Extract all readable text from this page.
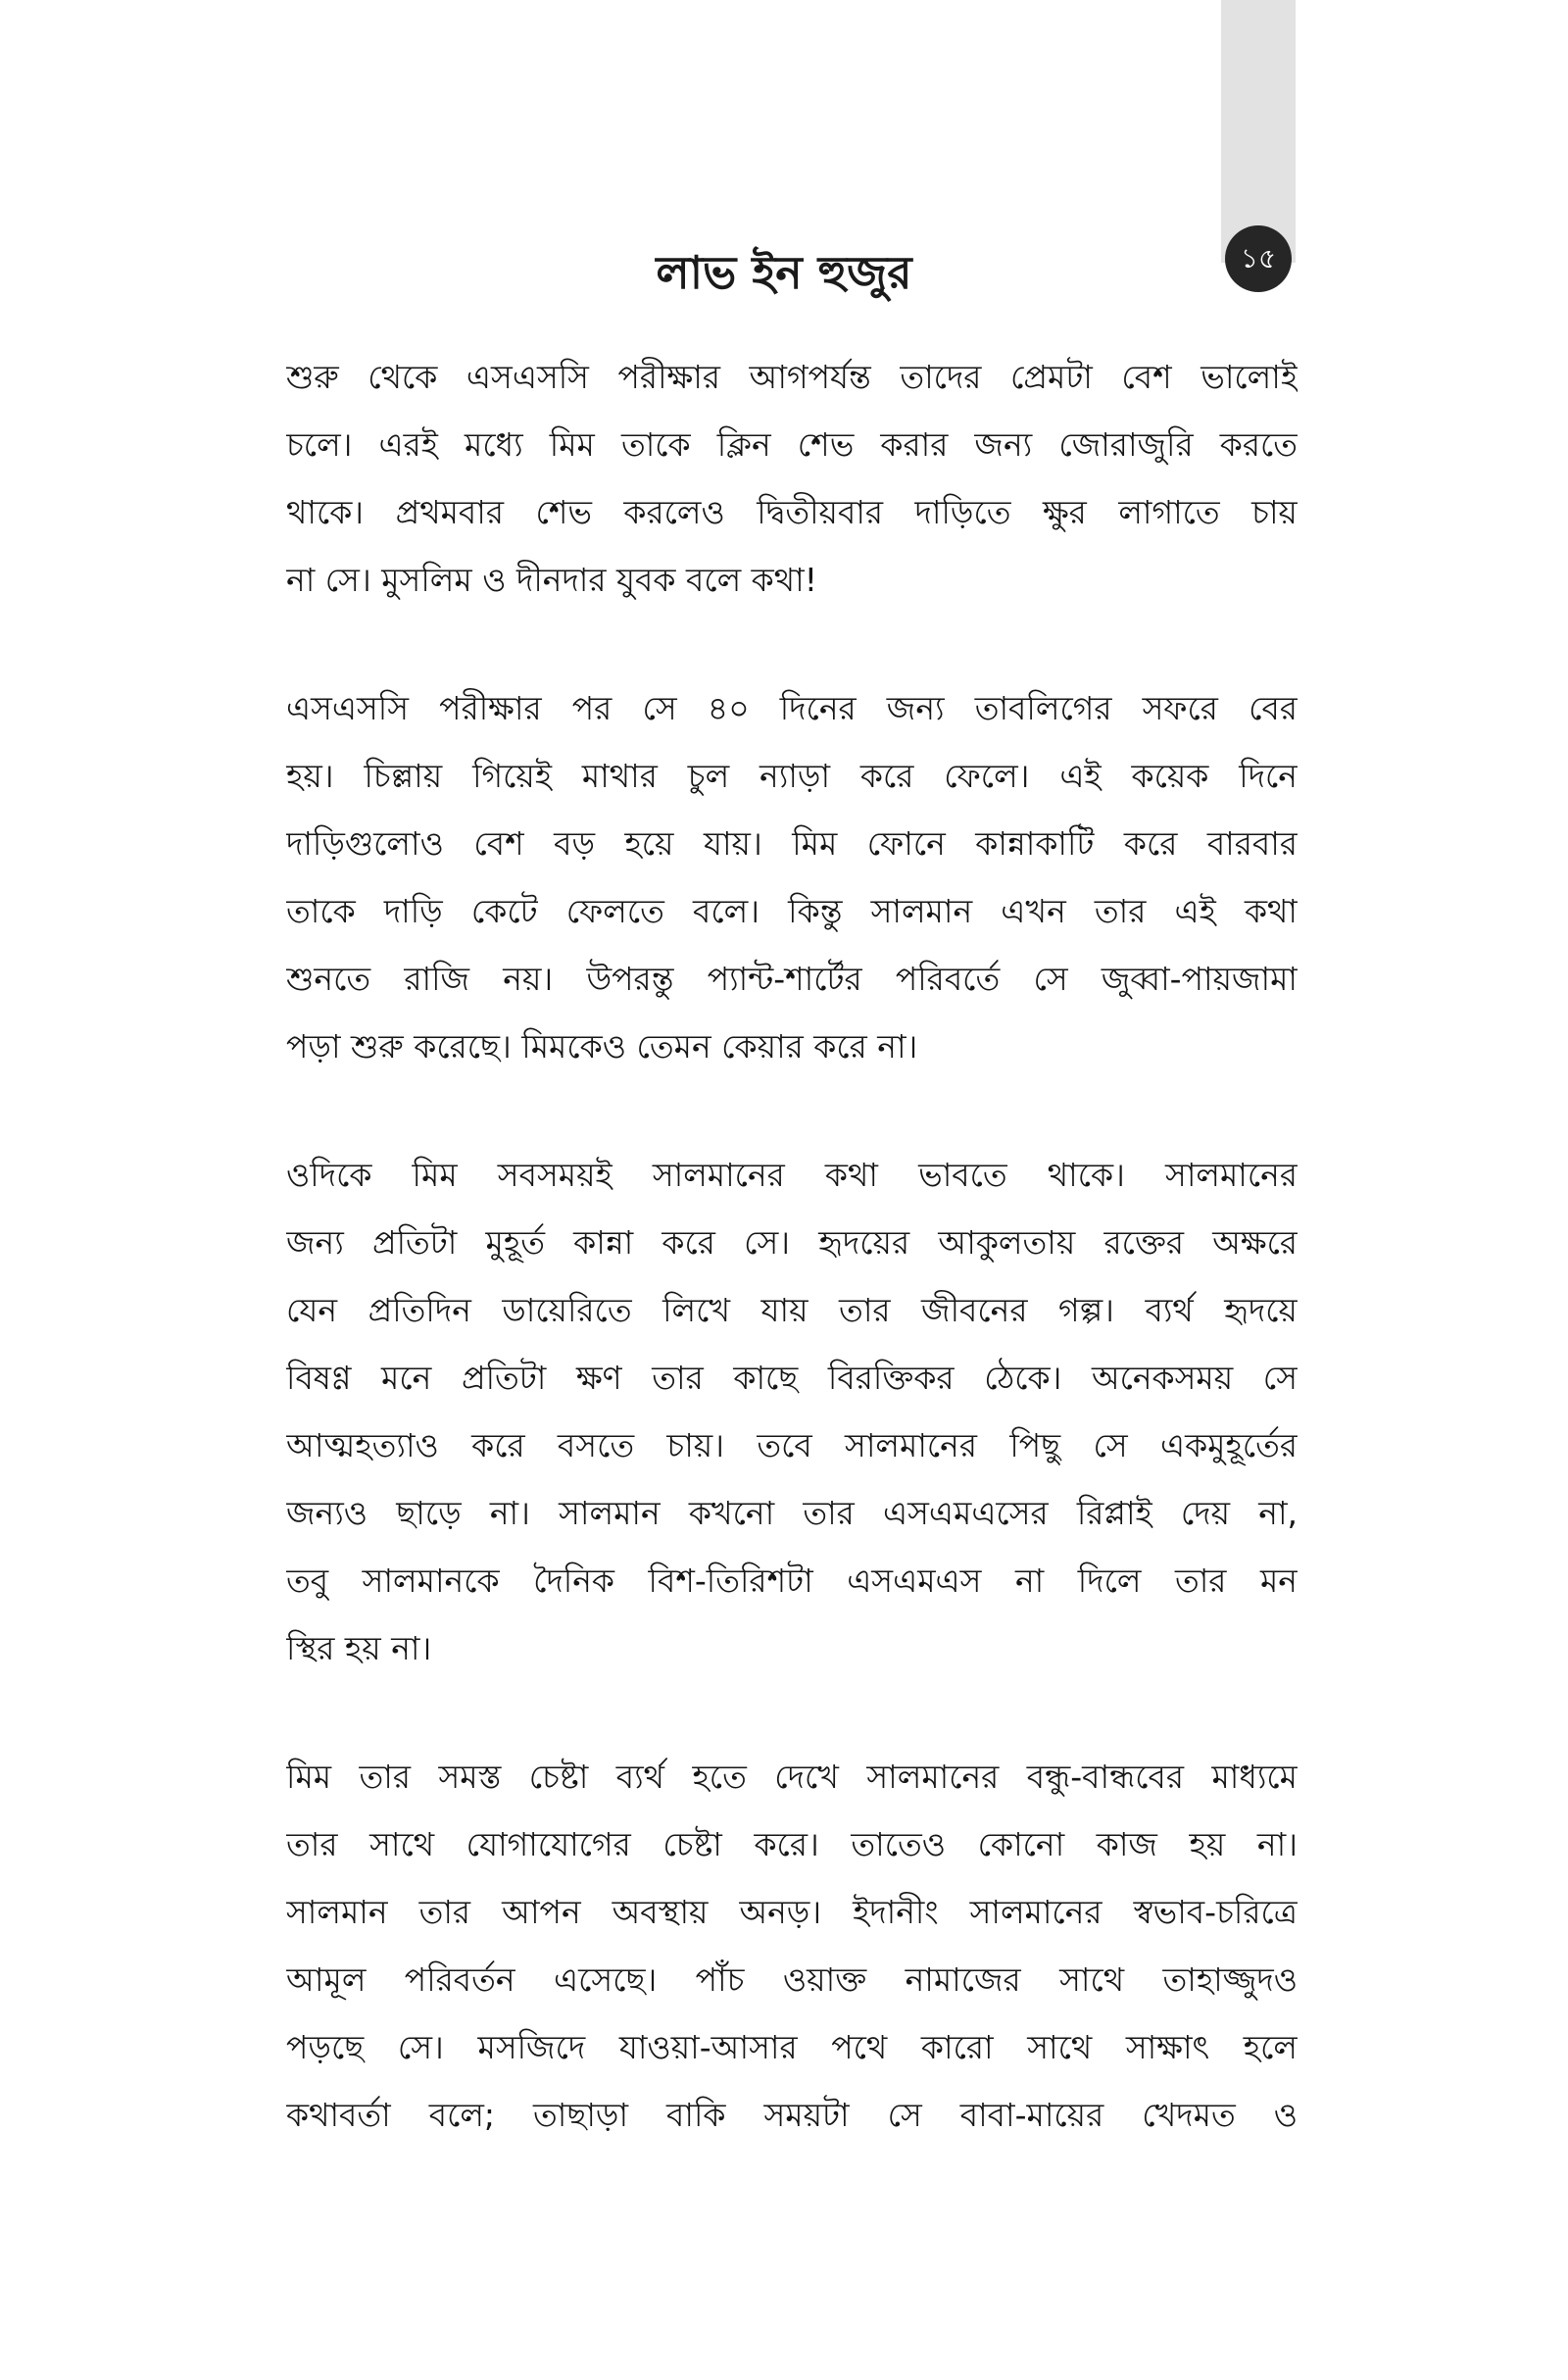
১৫
লাভ ইন হুজুর

শুরু থেকে এসএসসি পরীক্ষার আগপর্যন্ত তাদের প্রেমটা বেশ ভালোই
চলে। এরই মধ্যে মিম তাকে ক্লিন শেভ করার জন্য জোরাজুরি করতে
থাকে। প্রথমবার শেভ করলেও দ্বিতীয়বার দাড়িতে ক্ষুর লাগাতে চায়
না সে। মুসলিম ও দীনদার যুবক বলে কথা!

এসএসসি পরীক্ষার পর সে ৪০ দিনের জন্য তাবলিগের সফরে বের
হয়। চিল্লায় গিয়েই মাথার চুল ন্যাড়া করে ফেলে। এই কয়েক দিনে
দাড়িগুলোও বেশ বড় হয়ে যায়। মিম ফোনে কান্নাকাটি করে বারবার
তাকে দাড়ি কেটে ফেলতে বলে। কিন্তু সালমান এখন তার এই কথা
শুনতে রাজি নয়। উপরন্তু প্যান্ট-শার্টের পরিবর্তে সে জুব্বা-পায়জামা
পড়া শুরু করেছে। মিমকেও তেমন কেয়ার করে না।

ওদিকে মিম সবসময়ই সালমানের কথা ভাবতে থাকে। সালমানের
জন্য প্রতিটা মুহূর্ত কান্না করে সে। হৃদয়ের আকুলতায় রক্তের অক্ষরে
যেন প্রতিদিন ডায়েরিতে লিখে যায় তার জীবনের গল্প। ব্যর্থ হৃদয়ে
বিষণ্ণ মনে প্রতিটা ক্ষণ তার কাছে বিরক্তিকর ঠেকে। অনেকসময় সে
আত্মহত্যাও করে বসতে চায়। তবে সালমানের পিছু সে একমুহূর্তের
জন্যও ছাড়ে না। সালমান কখনো তার এসএমএসের রিপ্লাই দেয় না,
তবু সালমানকে দৈনিক বিশ-তিরিশটা এসএমএস না দিলে তার মন
স্থির হয় না।

মিম তার সমস্ত চেষ্টা ব্যর্থ হতে দেখে সালমানের বন্ধু-বান্ধবের মাধ্যমে
তার সাথে যোগাযোগের চেষ্টা করে। তাতেও কোনো কাজ হয় না।
সালমান তার আপন অবস্থায় অনড়। ইদানীং সালমানের স্বভাব-চরিত্রে
আমূল পরিবর্তন এসেছে। পাঁচ ওয়াক্ত নামাজের সাথে তাহাজ্জুদও
পড়ছে সে। মসজিদে যাওয়া-আসার পথে কারো সাথে সাক্ষাৎ হলে
কথাবর্তা বলে; তাছাড়া বাকি সময়টা সে বাবা-মায়ের খেদমত ও
